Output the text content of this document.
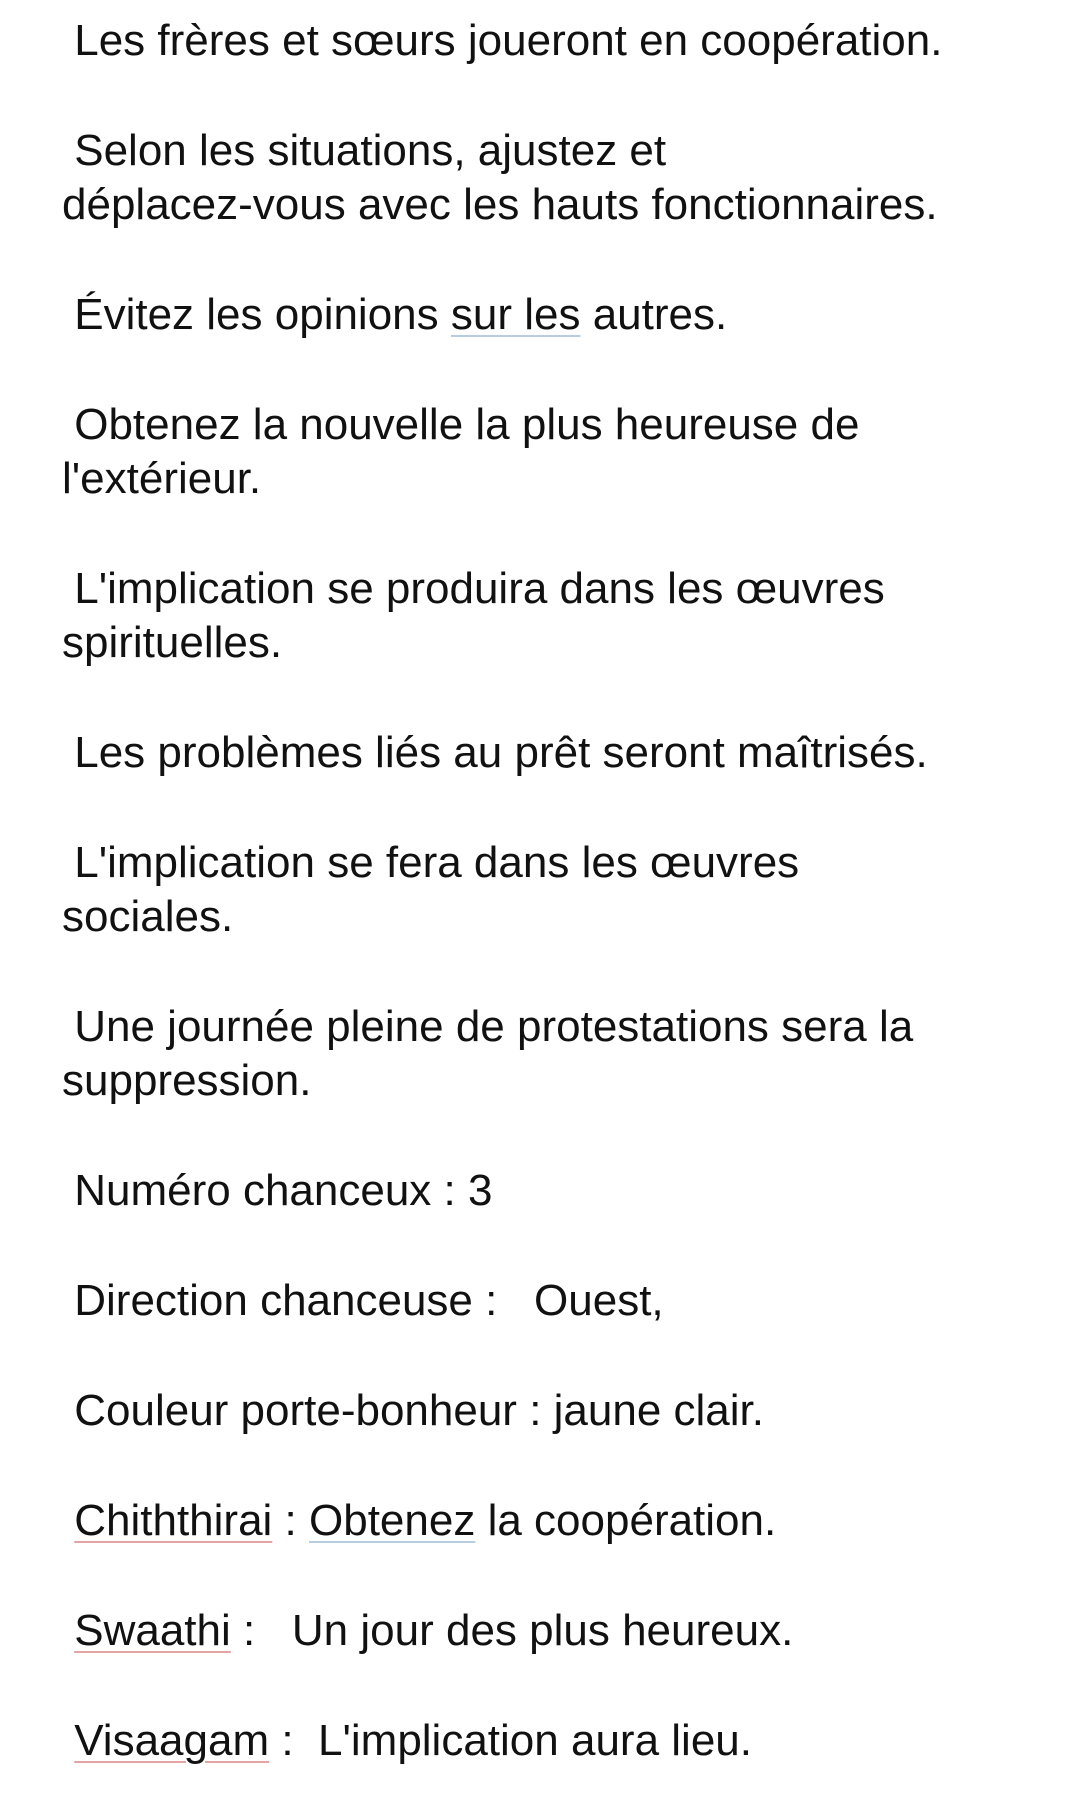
Les frères et sœurs joueront en coopération.

Selon les situations, ajustez et
déplacez-vous avec les hauts fonctionnaires.

Évitez les opinions sur les autres.

Obtenez la nouvelle la plus heureuse de
l'extérieur.

L'implication se produira dans les œuvres
spirituelles.

Les problèmes liés au prêt seront maîtrisés.

L'implication se fera dans les œuvres
sociales.

Une journée pleine de protestations sera la
suppression.

Numéro chanceux : 3

Direction chanceuse :   Ouest,

Couleur porte-bonheur : jaune clair.

Chiththirai : Obtenez la coopération.

Swaathi :   Un jour des plus heureux.

Visaagam :  L'implication aura lieu.
